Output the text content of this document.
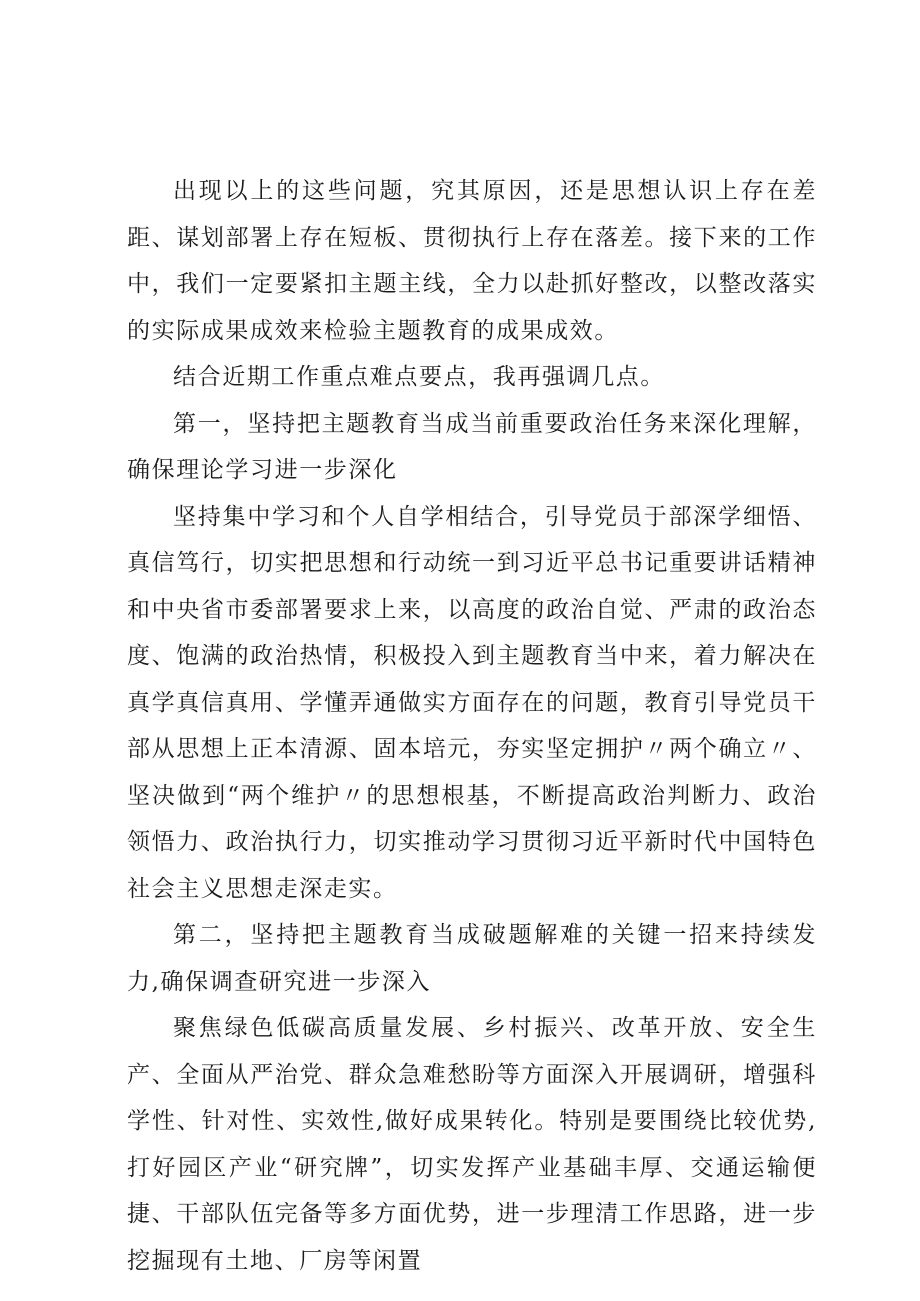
出现以上的这些问题，究其原因，还是思想认识上存在差距、谋划部署上存在短板、贯彻执行上存在落差。接下来的工作中，我们一定要紧扣主题主线，全力以赴抓好整改，以整改落实的实际成果成效来检验主题教育的成果成效。

结合近期工作重点难点要点，我再强调几点。

第一，坚持把主题教育当成当前重要政治任务来深化理解，确保理论学习进一步深化

坚持集中学习和个人自学相结合，引导党员于部深学细悟、真信笃行，切实把思想和行动统一到习近平总书记重要讲话精神和中央省市委部署要求上来，以高度的政治自觉、严肃的政治态度、饱满的政治热情，积极投入到主题教育当中来，着力解决在真学真信真用、学懂弄通做实方面存在的问题，教育引导党员干部从思想上正本清源、固本培元，夯实坚定拥护〃两个确立〃、坚决做到“两个维护〃的思想根基，不断提高政治判断力、政治领悟力、政治执行力，切实推动学习贯彻习近平新时代中国特色社会主义思想走深走实。

第二，坚持把主题教育当成破题解难的关键一招来持续发力,确保调查研究进一步深入

聚焦绿色低碳高质量发展、乡村振兴、改革开放、安全生产、全面从严治党、群众急难愁盼等方面深入开展调研，增强科学性、针对性、实效性,做好成果转化。特别是要围绕比较优势,打好园区产业“研究牌”，切实发挥产业基础丰厚、交通运输便捷、干部队伍完备等多方面优势，进一步理清工作思路，进一步挖掘现有土地、厂房等闲置
